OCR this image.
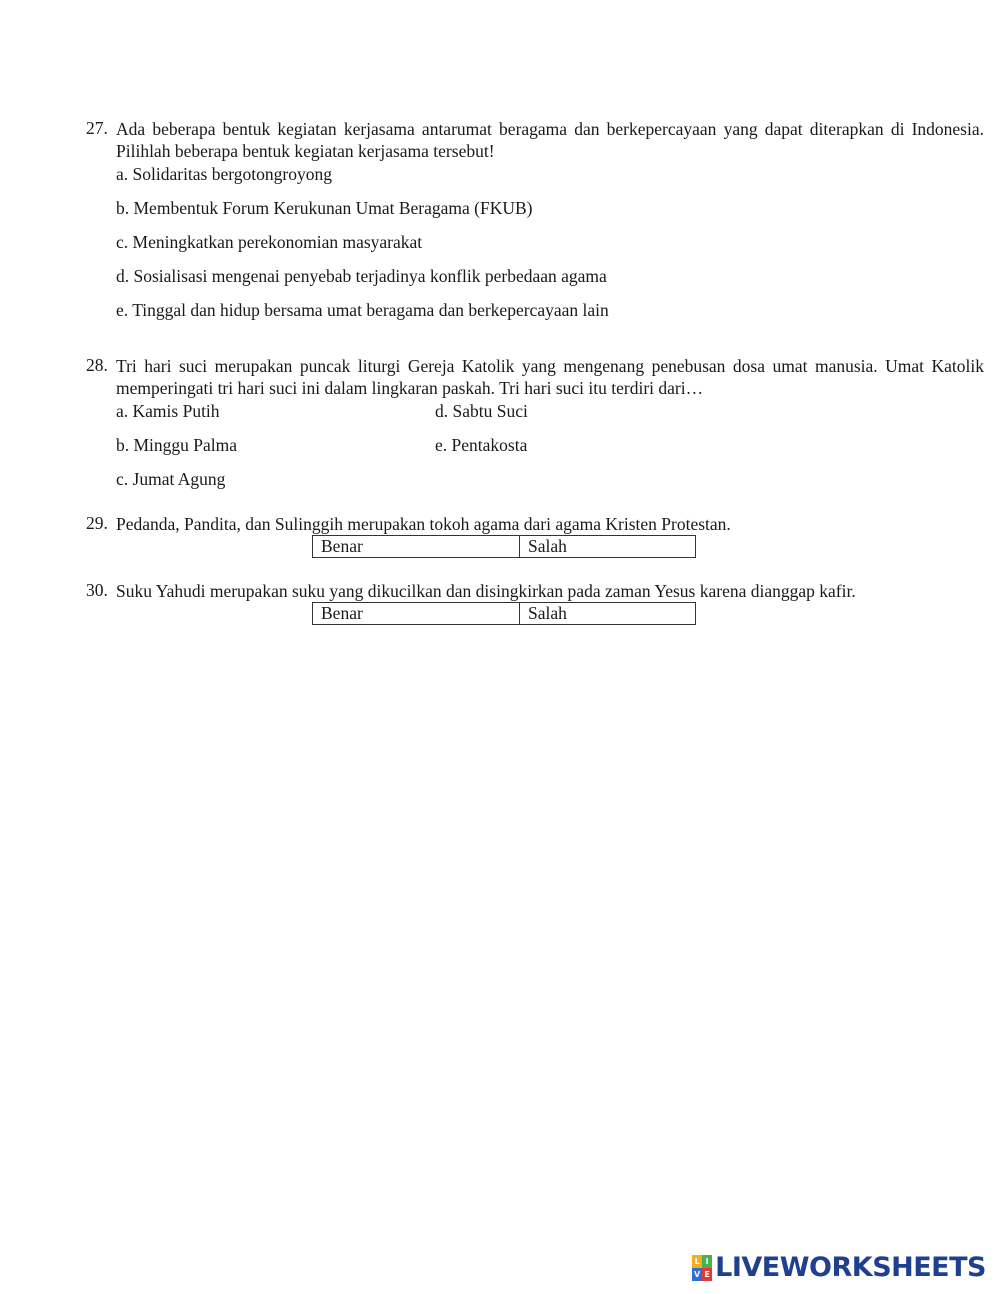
27. Ada beberapa bentuk kegiatan kerjasama antarumat beragama dan berkepercayaan yang dapat diterapkan di Indonesia. Pilihlah beberapa bentuk kegiatan kerjasama tersebut!
a. Solidaritas bergotongroyong
b. Membentuk Forum Kerukunan Umat Beragama (FKUB)
c. Meningkatkan perekonomian masyarakat
d. Sosialisasi mengenai penyebab terjadinya konflik perbedaan agama
e. Tinggal dan hidup bersama umat beragama dan berkepercayaan lain
28. Tri hari suci merupakan puncak liturgi Gereja Katolik yang mengenang penebusan dosa umat manusia. Umat Katolik memperingati tri hari suci ini dalam lingkaran paskah. Tri hari suci itu terdiri dari…
a. Kamis Putih
b. Minggu Palma
c. Jumat Agung
d. Sabtu Suci
e. Pentakosta
29. Pedanda, Pandita, dan Sulinggih merupakan tokoh agama dari agama Kristen Protestan.
Benar	Salah
30. Suku Yahudi merupakan suku yang dikucilkan dan disingkirkan pada zaman Yesus karena dianggap kafir.
Benar	Salah
L I
V E LIVEWORKSHEETS
